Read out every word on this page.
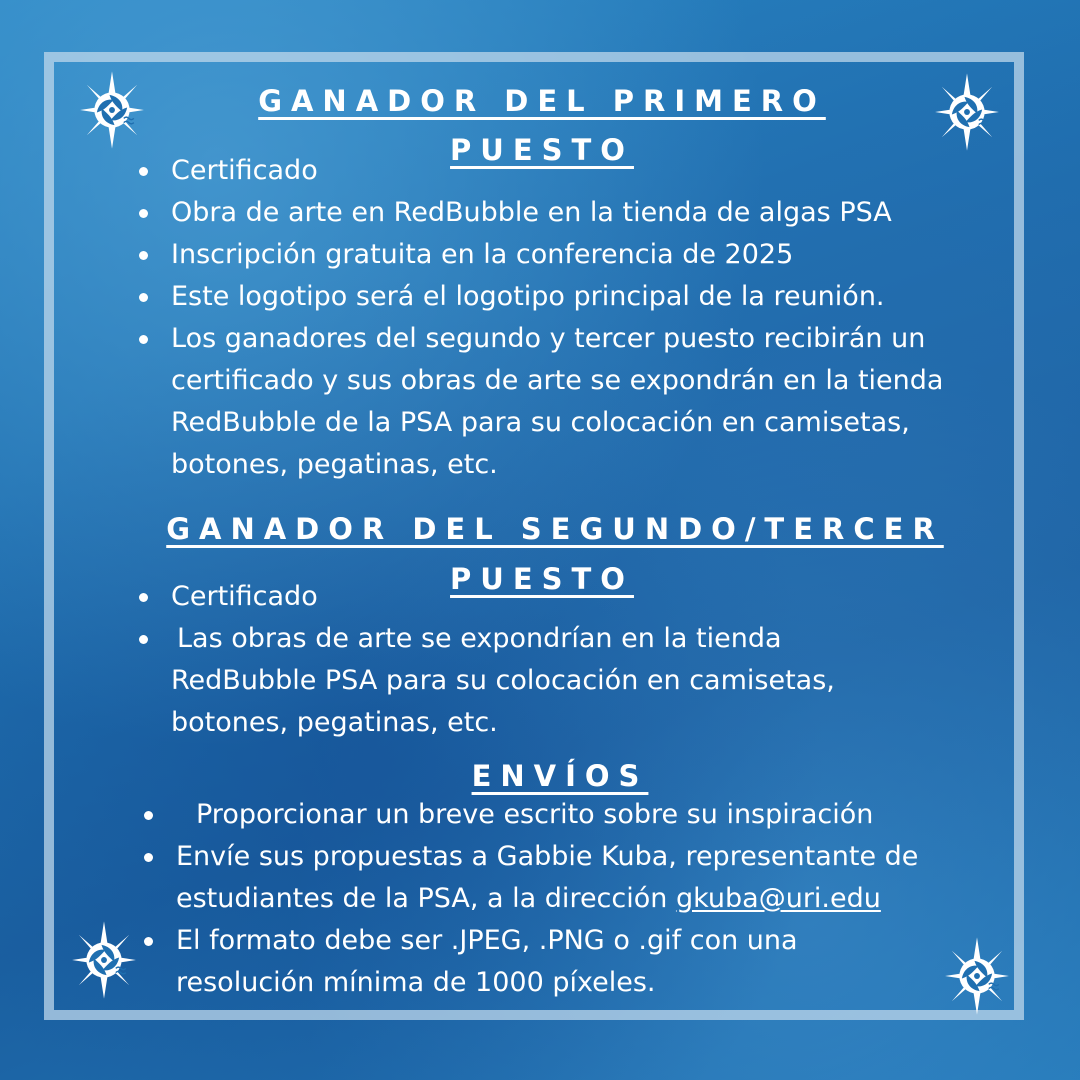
GANADOR DEL PRIMERO
PUESTO
Certificado
Obra de arte en RedBubble en la tienda de algas PSA
Inscripción gratuita en la conferencia de 2025
Este logotipo será el logotipo principal de la reunión.
Los ganadores del segundo y tercer puesto recibirán un certificado y sus obras de arte se expondrán en la tienda RedBubble de la PSA para su colocación en camisetas, botones, pegatinas, etc.
GANADOR DEL SEGUNDO/TERCER
PUESTO
Certificado
Las obras de arte se expondrían en la tienda RedBubble PSA para su colocación en camisetas, botones, pegatinas, etc.
ENVÍOS
Proporcionar un breve escrito sobre su inspiración
Envíe sus propuestas a Gabbie Kuba, representante de estudiantes de la PSA, a la dirección gkuba@uri.edu
El formato debe ser .JPEG, .PNG o .gif con una resolución mínima de 1000 píxeles.
